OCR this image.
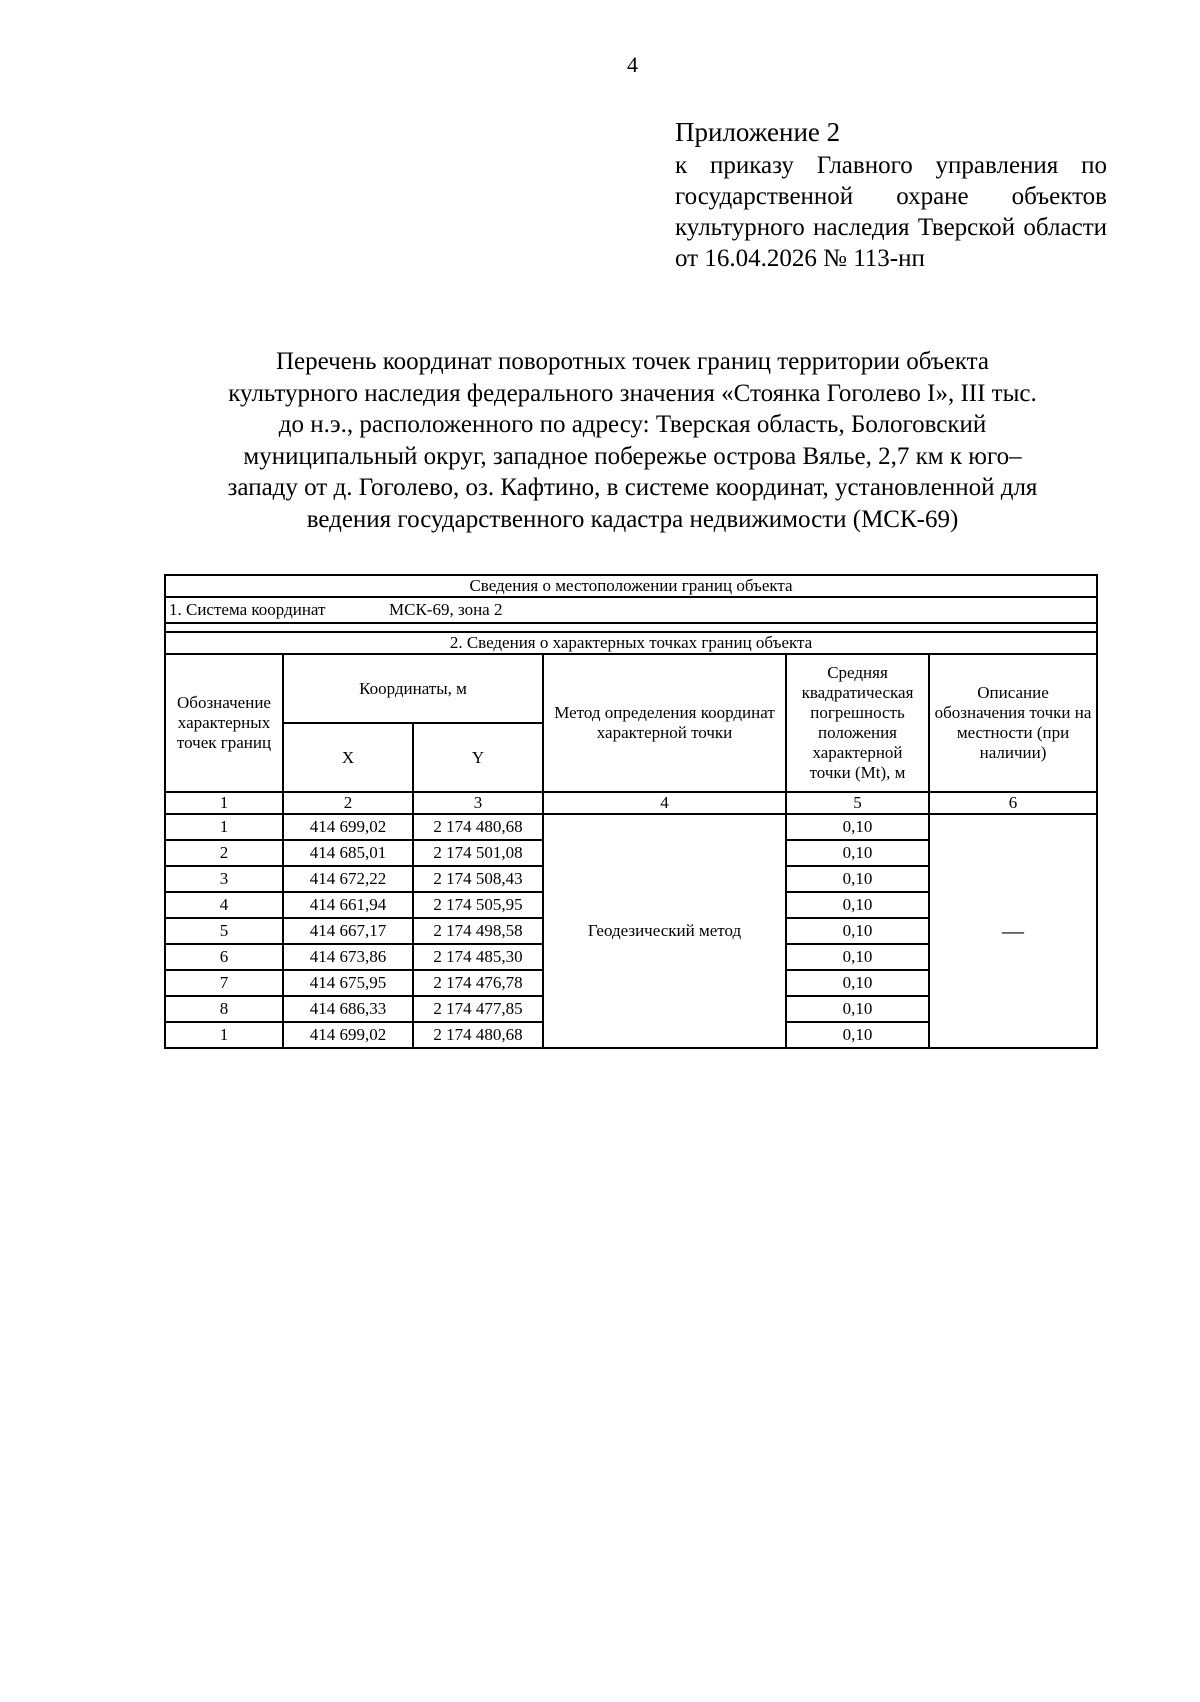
4
Приложение 2
к приказу Главного управления по государственной охране объектов культурного наследия Тверской области от 16.04.2026 № 113-нп
Перечень координат поворотных точек границ территории объекта
культурного наследия федерального значения «Стоянка Гоголево I», III тыс.
до н.э., расположенного по адресу: Тверская область, Бологовский
муниципальный округ, западное побережье острова Вялье, 2,7 км к юго–
западу от д. Гоголево, оз. Кафтино, в системе координат, установленной для
ведения государственного кадастра недвижимости (МСК-69)
Сведения о местоположении границ объекта					
1. Система координат МСК-69, зона 2					

2. Сведения о характерных точках границ объекта					
Обозначение характерных точек границ	Координаты, м		Метод определения координат характерной точки	Средняя квадратическая погрешность положения характерной точки (Mt), м	Описание обозначения точки на местности (при наличии)
	X	Y			
1	2	3	4	5	6
1	414 699,02	2 174 480,68	Геодезический метод	0,10	—
2	414 685,01	2 174 501,08		0,10	
3	414 672,22	2 174 508,43		0,10	
4	414 661,94	2 174 505,95		0,10	
5	414 667,17	2 174 498,58		0,10	
6	414 673,86	2 174 485,30		0,10	
7	414 675,95	2 174 476,78		0,10	
8	414 686,33	2 174 477,85		0,10	
1	414 699,02	2 174 480,68		0,10	
